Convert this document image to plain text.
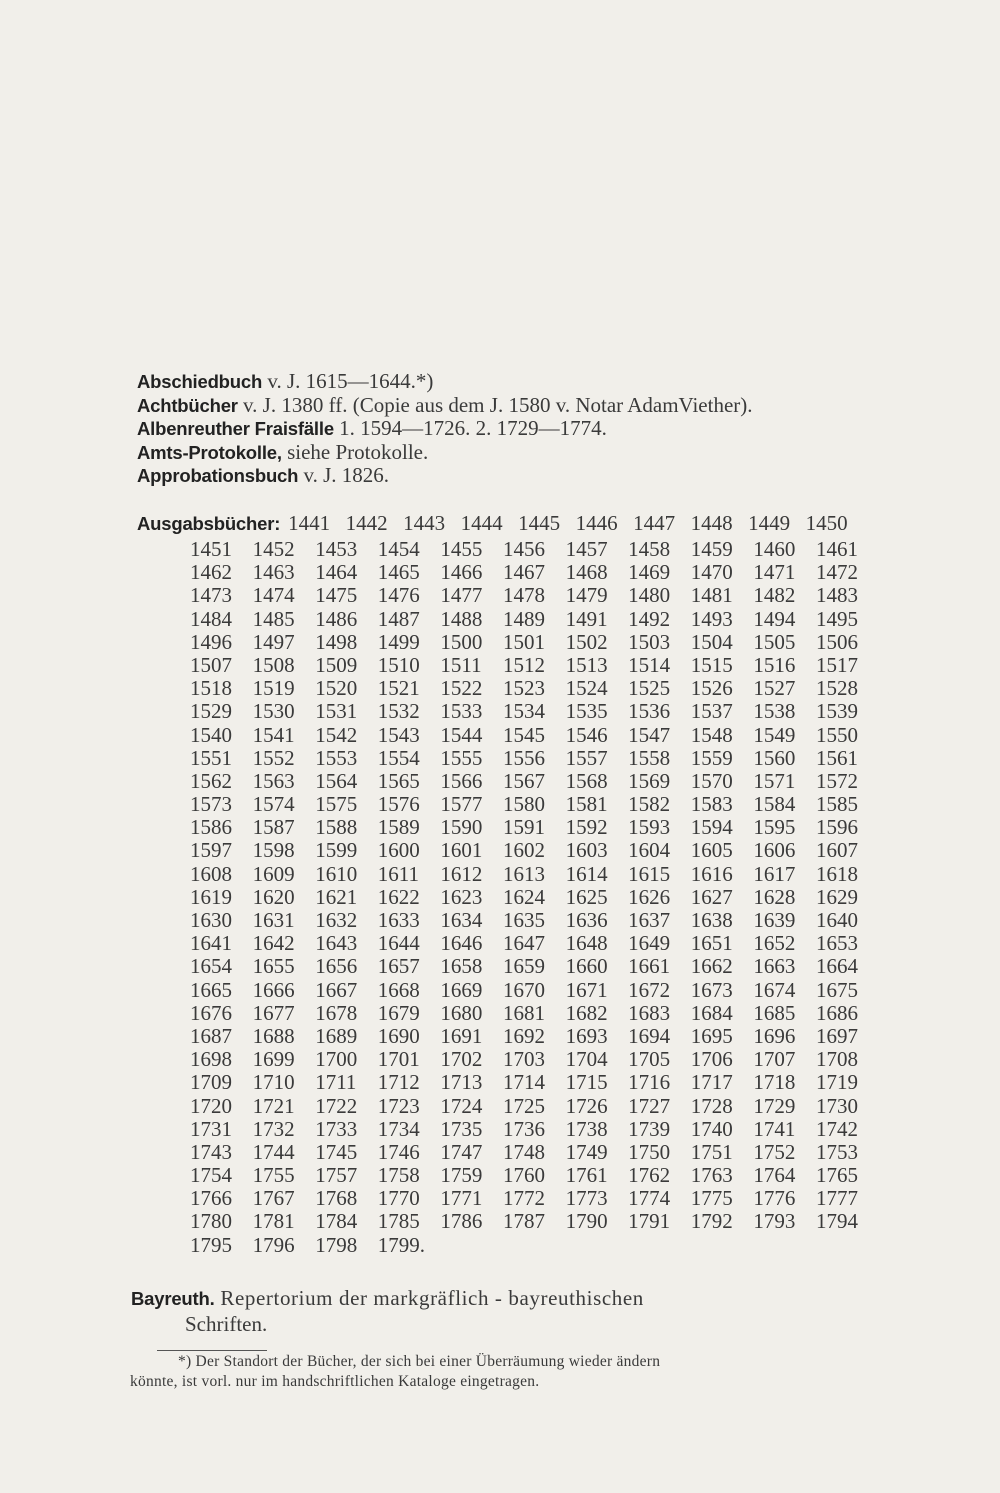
Abschiedbuch v. J. 1615—1644.*)
Achtbücher v. J. 1380 ff. (Copie aus dem J. 1580 v. Notar AdamViether).
Albenreuther Fraisfälle 1. 1594—1726. 2. 1729—1774.
Amts-Protokolle, siehe Protokolle.
Approbationsbuch v. J. 1826.
Ausgabsbücher: 1441 1442 1443 1444 1445 1446 1447 1448 1449 1450
1451 1452 1453 1454 1455 1456 1457 1458 1459 1460 1461
1462 1463 1464 1465 1466 1467 1468 1469 1470 1471 1472
1473 1474 1475 1476 1477 1478 1479 1480 1481 1482 1483
1484 1485 1486 1487 1488 1489 1491 1492 1493 1494 1495
1496 1497 1498 1499 1500 1501 1502 1503 1504 1505 1506
1507 1508 1509 1510 1511	1512 1513 1514 1515 1516 1517
1518 1519 1520 1521 1522 1523 1524 1525 1526 1527 1528
1529 1530 1531 1532 1533 1534 1535 1536 1537 1538 1539
1540 1541 1542 1543 1544 1545 1546 1547 1548 1549 1550
1551 1552 1553 1554 1555 1556 1557 1558 1559 1560 1561
1562 1563 1564 1565 1566 1567 1568 1569 1570 1571 1572
1573 1574 1575 1576 1577 1580 1581 1582 1583 1584 1585
1586 1587 1588 1589 1590 1591 1592 1593 1594 1595 1596
1597 1598 1599 1600 1601 1602 1603 1604 1605 1606 1607
1608 1609 1610 1611	1612 1613 1614 1615 1616 1617 1618
1619 1620 1621 1622 1623 1624 1625 1626 1627 1628 1629
1630 1631 1632 1633 1634 1635 1636 1637 1638 1639 1640
1641 1642 1643 1644 1646 1647 1648 1649 1651 1652 1653
1654 1655 1656 1657 1658 1659 1660 1661 1662 1663 1664
1665 1666 1667 1668 1669 1670 1671 1672 1673 1674 1675
1676 1677 1678 1679 1680 1681 1682 1683 1684 1685 1686
1687 1688 1689 1690 1691 1692 1693 1694 1695 1696 1697
1698 1699 1700 1701 1702 1703 1704 1705 1706 1707 1708
1709 1710 1711	1712 1713 1714 1715 1716 1717 1718 1719
1720 1721 1722 1723 1724 1725 1726 1727 1728 1729 1730
1731 1732 1733 1734 1735 1736 1738 1739 1740 1741 1742
1743 1744 1745 1746 1747 1748 1749 1750 1751 1752 1753
1754 1755 1757 1758 1759 1760 1761 1762 1763 1764 1765
1766 1767 1768 1770 1771 1772 1773 1774 1775 1776 1777
1780 1781 1784 1785 1786 1787 1790 1791 1792 1793 1794
1795 1796 1798 1799.
Bayreuth. Repertorium der markgräflich - bayreuthischen
Schriften.
*) Der Standort der Bücher, der sich bei einer Überräumung wieder ändern
könnte, ist vorl. nur im handschriftlichen Kataloge eingetragen.
